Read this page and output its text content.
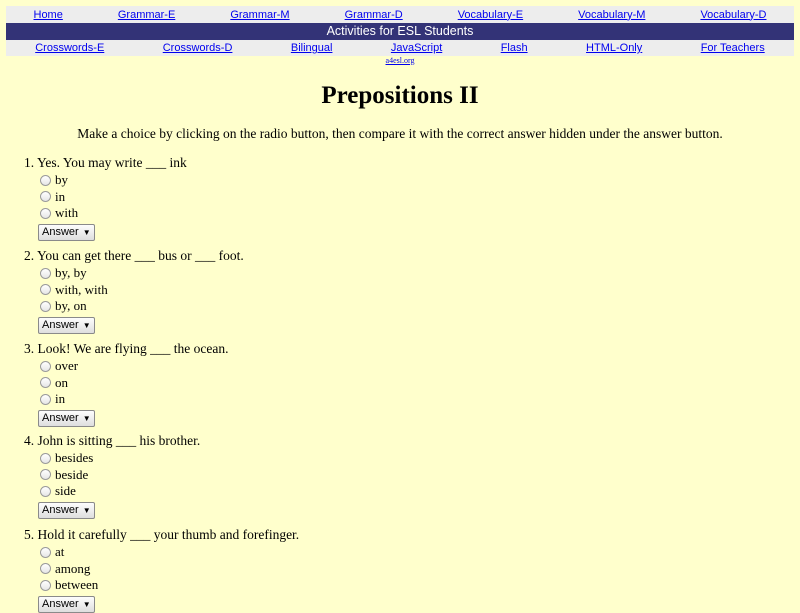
Home	Grammar-E	Grammar-M	Grammar-D	Vocabulary-E	Vocabulary-M	Vocabulary-D
Activities for ESL Students
Crosswords-E	Crosswords-D	Bilingual	JavaScript	Flash	HTML-Only	For Teachers
a4esl.org
Prepositions II

Make a choice by clicking on the radio button, then compare it with the correct answer hidden under the answer button.

1. Yes. You may write ___ ink
by
in
with
Answer ▼
2. You can get there ___ bus or ___ foot.
by, by
with, with
by, on
Answer ▼
3. Look! We are flying ___ the ocean.
over
on
in
Answer ▼
4. John is sitting ___ his brother.
besides
beside
side
Answer ▼
5. Hold it carefully ___ your thumb and forefinger.
at
among
between
Answer ▼
